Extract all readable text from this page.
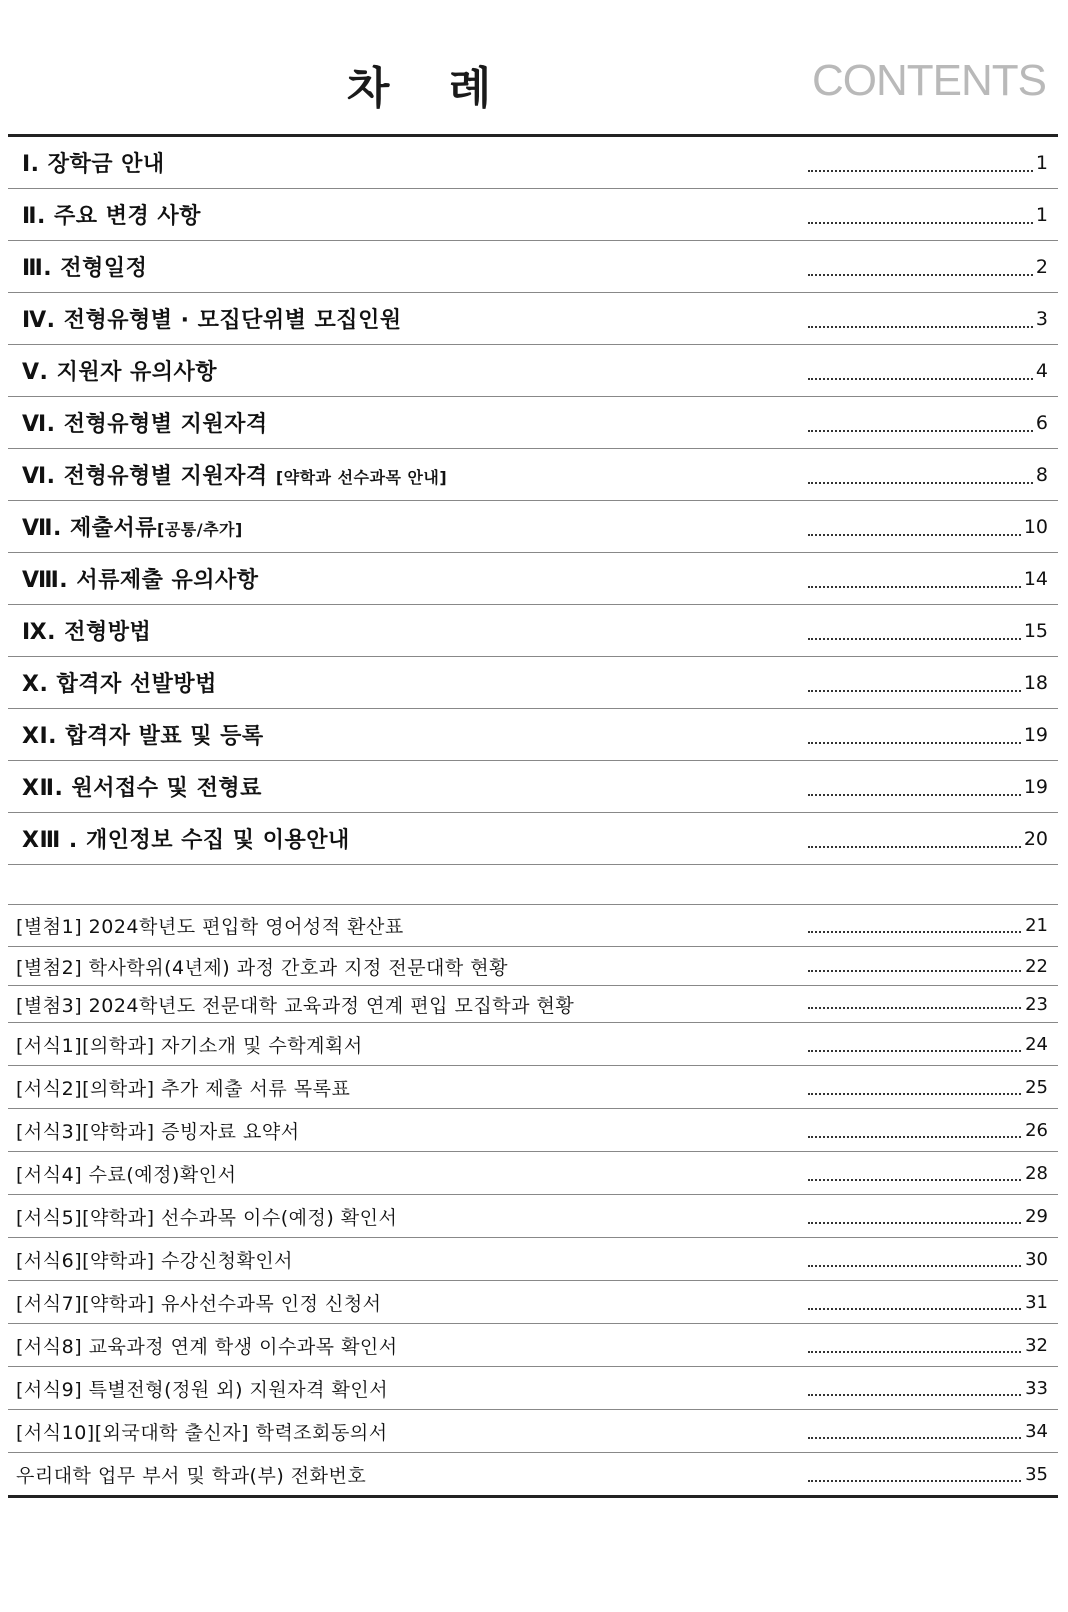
차 례	CONTENTS
Ⅰ. 장학금 안내	1
Ⅱ. 주요 변경 사항	1
Ⅲ. 전형일정	2
Ⅳ. 전형유형별 · 모집단위별 모집인원	3
Ⅴ. 지원자 유의사항	4
Ⅵ. 전형유형별 지원자격	6
Ⅵ. 전형유형별 지원자격 [약학과 선수과목 안내]	8
Ⅶ. 제출서류[공통/추가]	10
Ⅷ. 서류제출 유의사항	14
Ⅸ. 전형방법	15
Ⅹ. 합격자 선발방법	18
ⅩⅠ. 합격자 발표 및 등록	19
ⅩⅡ. 원서접수 및 전형료	19
ⅩⅢ . 개인정보 수집 및 이용안내	20
[별첨1] 2024학년도 편입학 영어성적 환산표	21
[별첨2] 학사학위(4년제) 과정 간호과 지정 전문대학 현황	22
[별첨3] 2024학년도 전문대학 교육과정 연계 편입 모집학과 현황	23
[서식1][의학과] 자기소개 및 수학계획서	24
[서식2][의학과] 추가 제출 서류 목록표	25
[서식3][약학과] 증빙자료 요약서	26
[서식4] 수료(예정)확인서	28
[서식5][약학과] 선수과목 이수(예정) 확인서	29
[서식6][약학과] 수강신청확인서	30
[서식7][약학과] 유사선수과목 인정 신청서	31
[서식8] 교육과정 연계 학생 이수과목 확인서	32
[서식9] 특별전형(정원 외) 지원자격 확인서	33
[서식10][외국대학 출신자] 학력조회동의서	34
우리대학 업무 부서 및 학과(부) 전화번호	35
